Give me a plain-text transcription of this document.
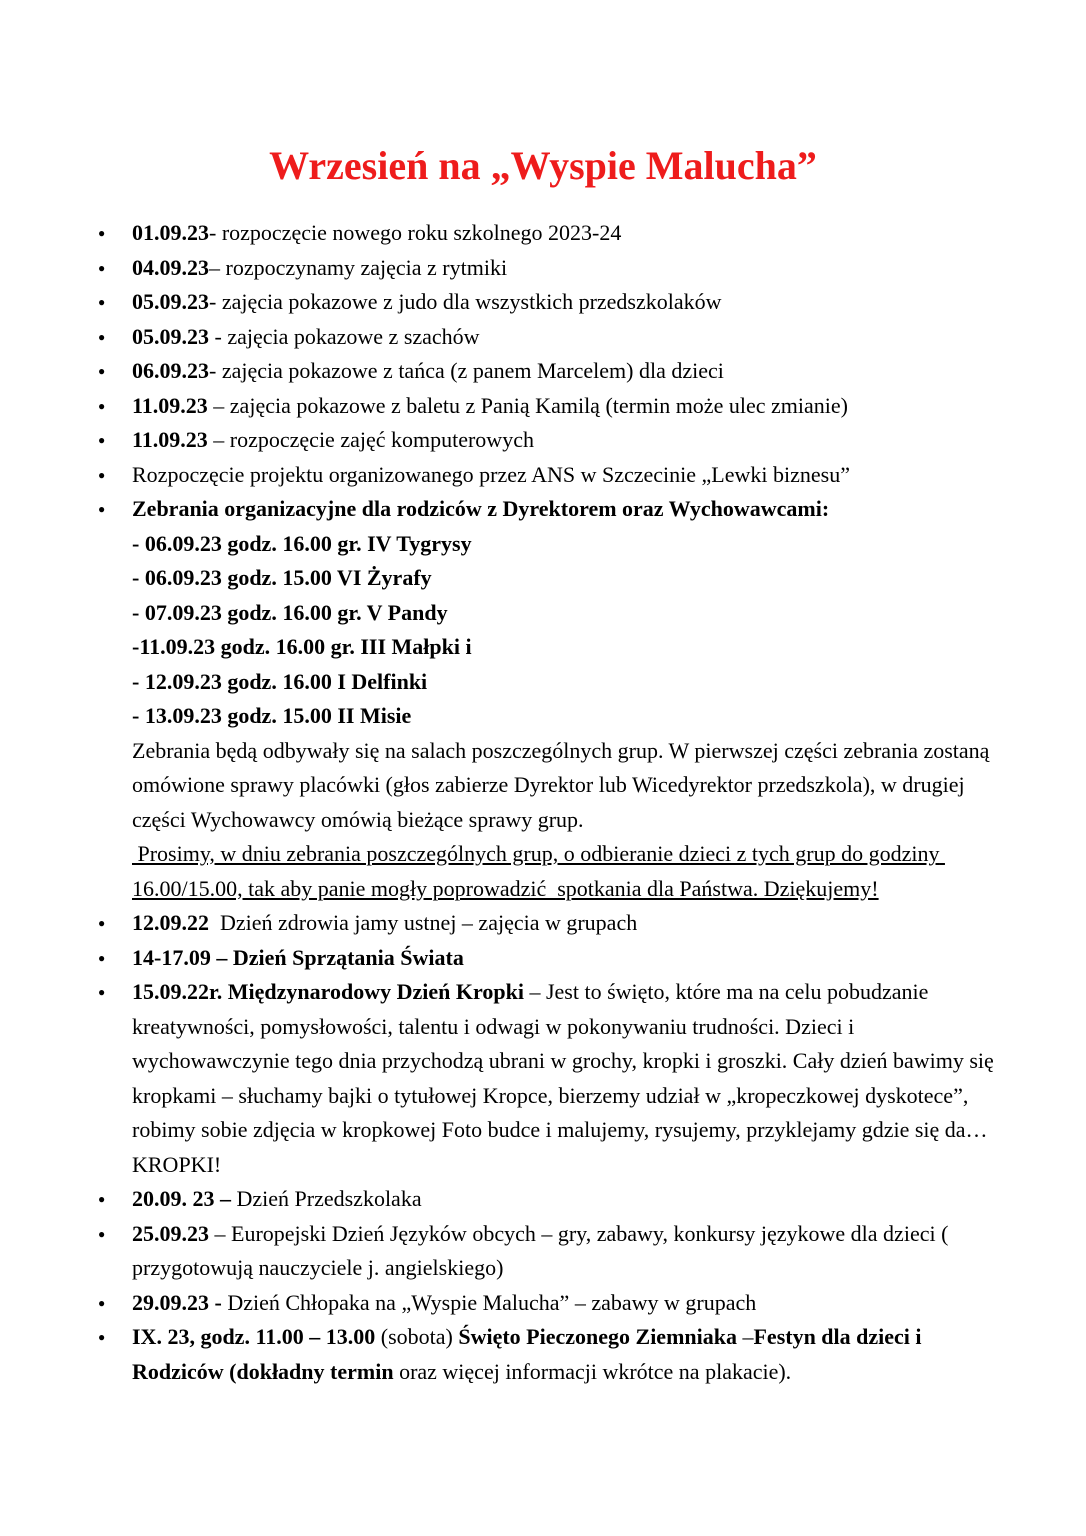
Wrzesień na „Wyspie Malucha”
● 01.09.23- rozpoczęcie nowego roku szkolnego 2023-24
● 04.09.23– rozpoczynamy zajęcia z rytmiki
● 05.09.23- zajęcia pokazowe z judo dla wszystkich przedszkolaków
● 05.09.23 - zajęcia pokazowe z szachów
● 06.09.23- zajęcia pokazowe z tańca (z panem Marcelem) dla dzieci
● 11.09.23 – zajęcia pokazowe z baletu z Panią Kamilą (termin może ulec zmianie)
● 11.09.23 – rozpoczęcie zajęć komputerowych
● Rozpoczęcie projektu organizowanego przez ANS w Szczecinie „Lewki biznesu”
● Zebrania organizacyjne dla rodziców z Dyrektorem oraz Wychowawcami:
- 06.09.23 godz. 16.00 gr. IV Tygrysy
- 06.09.23 godz. 15.00 VI Żyrafy
- 07.09.23 godz. 16.00 gr. V Pandy
-11.09.23 godz. 16.00 gr. III Małpki i
- 12.09.23 godz. 16.00 I Delfinki
- 13.09.23 godz. 15.00 II Misie
Zebrania będą odbywały się na salach poszczególnych grup. W pierwszej części zebrania zostaną omówione sprawy placówki (głos zabierze Dyrektor lub Wicedyrektor przedszkola), w drugiej części Wychowawcy omówią bieżące sprawy grup.
Prosimy, w dniu zebrania poszczególnych grup, o odbieranie dzieci z tych grup do godziny 16.00/15.00, tak aby panie mogły poprowadzić  spotkania dla Państwa. Dziękujemy!
● 12.09.22  Dzień zdrowia jamy ustnej – zajęcia w grupach
● 14-17.09 – Dzień Sprzątania Świata
● 15.09.22r. Międzynarodowy Dzień Kropki – Jest to święto, które ma na celu pobudzanie kreatywności, pomysłowości, talentu i odwagi w pokonywaniu trudności. Dzieci i wychowawczynie tego dnia przychodzą ubrani w grochy, kropki i groszki. Cały dzień bawimy się kropkami – słuchamy bajki o tytułowej Kropce, bierzemy udział w „kropeczkowej dyskotece”, robimy sobie zdjęcia w kropkowej Foto budce i malujemy, rysujemy, przyklejamy gdzie się da…KROPKI!
● 20.09. 23 – Dzień Przedszkolaka
● 25.09.23 – Europejski Dzień Języków obcych – gry, zabawy, konkursy językowe dla dzieci ( przygotowują nauczyciele j. angielskiego)
● 29.09.23 - Dzień Chłopaka na „Wyspie Malucha” – zabawy w grupach
● IX. 23, godz. 11.00 – 13.00 (sobota) Święto Pieczonego Ziemniaka –Festyn dla dzieci i Rodziców (dokładny termin oraz więcej informacji wkrótce na plakacie).
